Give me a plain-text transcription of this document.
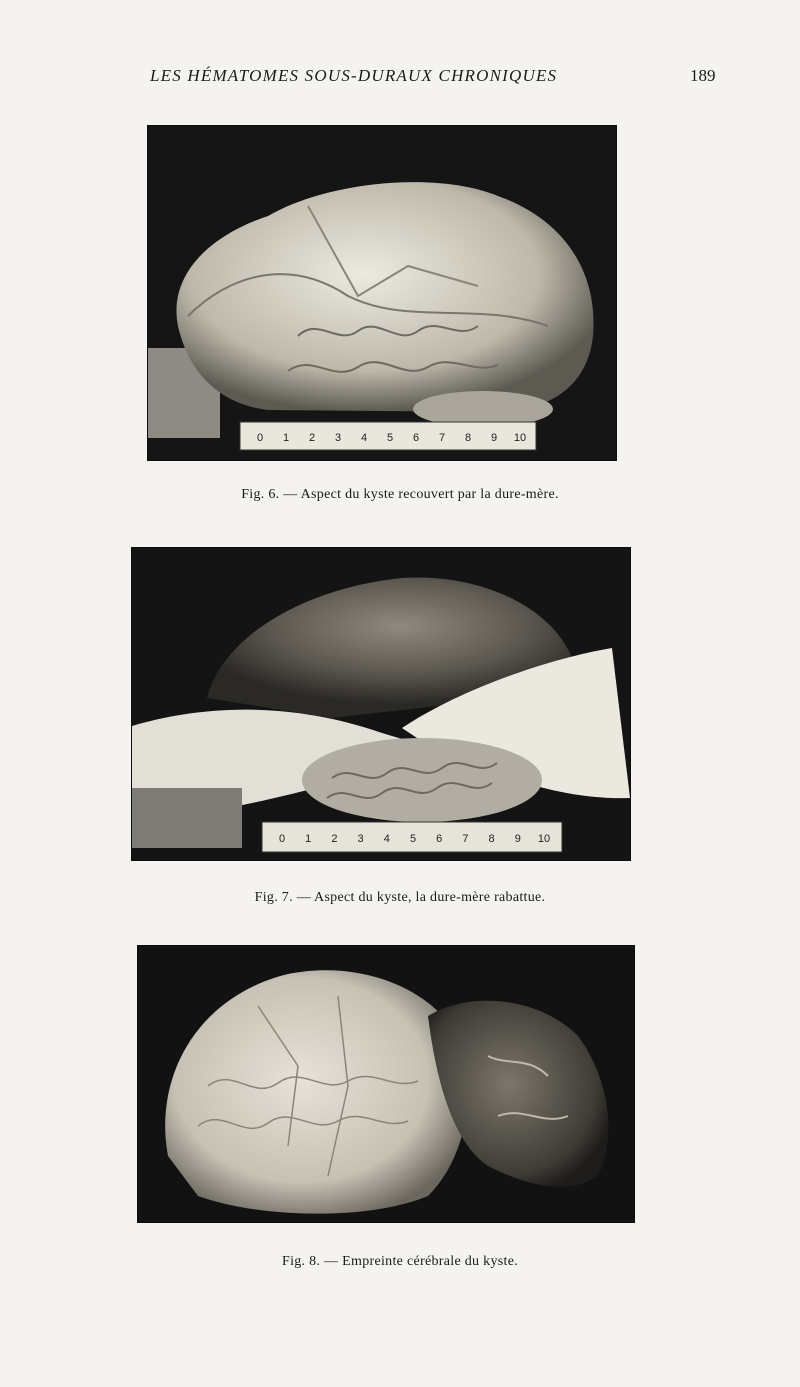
LES HÉMATOMES SOUS-DURAUX CHRONIQUES	189
0 1 2 3 4 5 6 7 8 9 10
Fig. 6. — Aspect du kyste recouvert par la dure-mère.
0 1 2 3 4 5 6 7 8 9 10
Fig. 7. — Aspect du kyste, la dure-mère rabattue.
Fig. 8. — Empreinte cérébrale du kyste.
